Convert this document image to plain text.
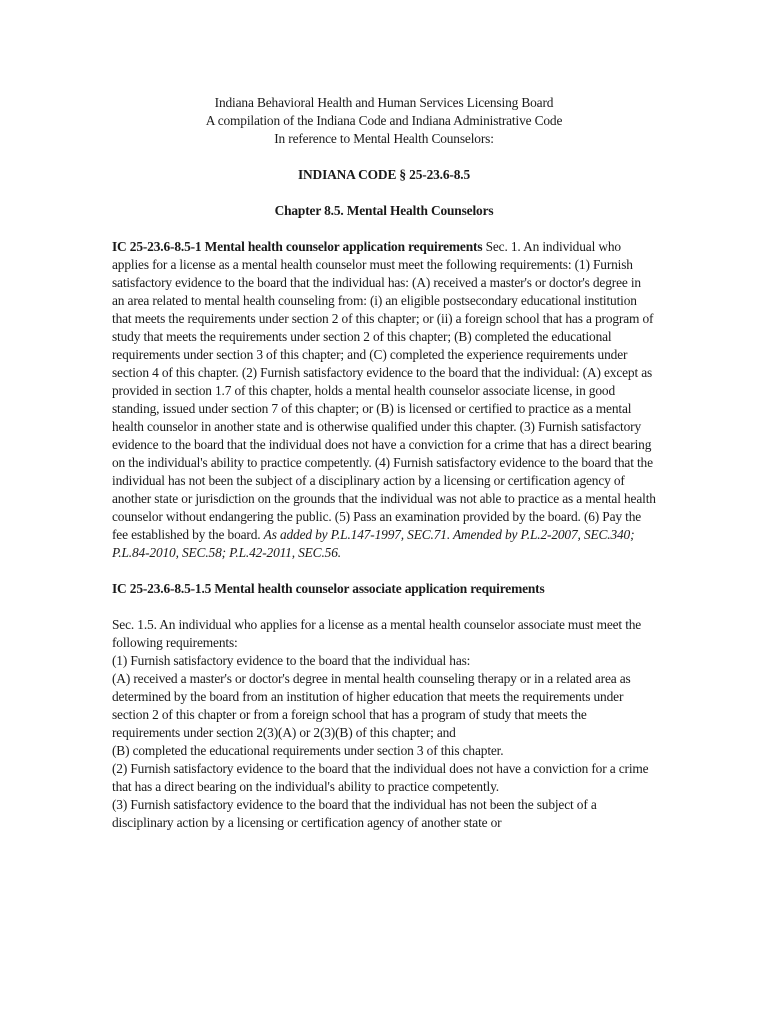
Indiana Behavioral Health and Human Services Licensing Board
A compilation of the Indiana Code and Indiana Administrative Code
In reference to Mental Health Counselors:

INDIANA CODE § 25-23.6-8.5

Chapter 8.5. Mental Health Counselors

IC 25-23.6-8.5-1 Mental health counselor application requirements Sec. 1. An individual who applies for a license as a mental health counselor must meet the following requirements: (1) Furnish satisfactory evidence to the board that the individual has: (A) received a master's or doctor's degree in an area related to mental health counseling from: (i) an eligible postsecondary educational institution that meets the requirements under section 2 of this chapter; or (ii) a foreign school that has a program of study that meets the requirements under section 2 of this chapter; (B) completed the educational requirements under section 3 of this chapter; and (C) completed the experience requirements under section 4 of this chapter. (2) Furnish satisfactory evidence to the board that the individual: (A) except as provided in section 1.7 of this chapter, holds a mental health counselor associate license, in good standing, issued under section 7 of this chapter; or (B) is licensed or certified to practice as a mental health counselor in another state and is otherwise qualified under this chapter. (3) Furnish satisfactory evidence to the board that the individual does not have a conviction for a crime that has a direct bearing on the individual's ability to practice competently. (4) Furnish satisfactory evidence to the board that the individual has not been the subject of a disciplinary action by a licensing or certification agency of another state or jurisdiction on the grounds that the individual was not able to practice as a mental health counselor without endangering the public. (5) Pass an examination provided by the board. (6) Pay the fee established by the board. As added by P.L.147-1997, SEC.71. Amended by P.L.2-2007, SEC.340; P.L.84-2010, SEC.58; P.L.42-2011, SEC.56.

IC 25-23.6-8.5-1.5 Mental health counselor associate application requirements

Sec. 1.5. An individual who applies for a license as a mental health counselor associate must meet the following requirements:

(1) Furnish satisfactory evidence to the board that the individual has:
(A) received a master's or doctor's degree in mental health counseling therapy or in a related area as determined by the board from an institution of higher education that meets the requirements under section 2 of this chapter or from a foreign school that has a program of study that meets the requirements under section 2(3)(A) or 2(3)(B) of this chapter; and
(B) completed the educational requirements under section 3 of this chapter.
(2) Furnish satisfactory evidence to the board that the individual does not have a conviction for a crime that has a direct bearing on the individual's ability to practice competently.
(3) Furnish satisfactory evidence to the board that the individual has not been the subject of a disciplinary action by a licensing or certification agency of another state or
